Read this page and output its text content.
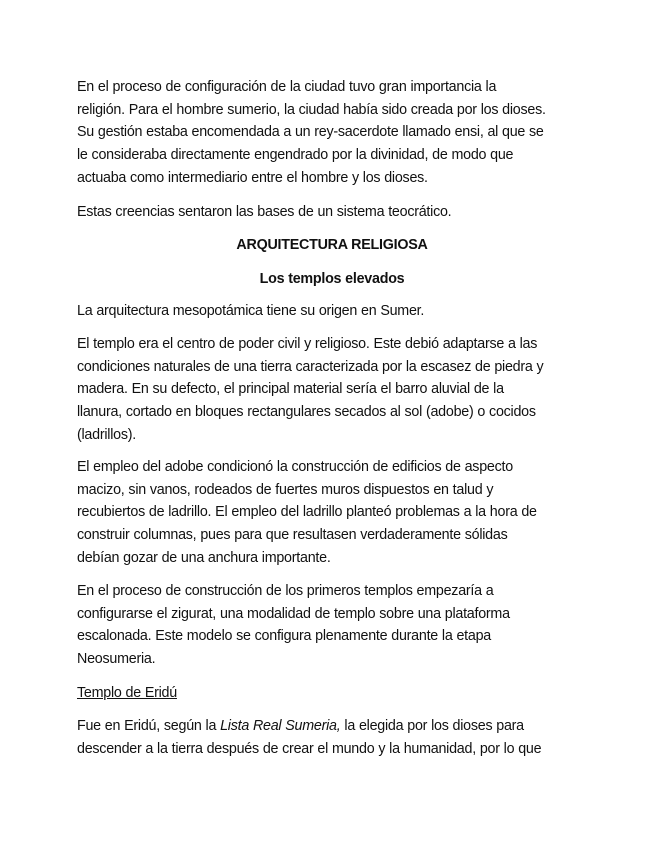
En el proceso de configuración de la ciudad tuvo gran importancia la

religión. Para el hombre sumerio, la ciudad había sido creada por los dioses.

Su gestión estaba encomendada a un rey-sacerdote llamado ensi, al que se

le consideraba directamente engendrado por la divinidad, de modo que

actuaba como intermediario entre el hombre y los dioses.

Estas creencias sentaron las bases de un sistema teocrático.

ARQUITECTURA RELIGIOSA
Los templos elevados

La arquitectura mesopotámica tiene su origen en Sumer.

El templo era el centro de poder civil y religioso. Este debió adaptarse a las

condiciones naturales de una tierra caracterizada por la escasez de piedra y

madera. En su defecto, el principal material sería el barro aluvial de la

llanura, cortado en bloques rectangulares secados al sol (adobe) o cocidos

(ladrillos).

El empleo del adobe condicionó la construcción de edificios de aspecto

macizo, sin vanos, rodeados de fuertes muros dispuestos en talud y

recubiertos de ladrillo. El empleo del ladrillo planteó problemas a la hora de

construir columnas, pues para que resultasen verdaderamente sólidas

debían gozar de una anchura importante.

En el proceso de construcción de los primeros templos empezaría a

configurarse el zigurat, una modalidad de templo sobre una plataforma

escalonada. Este modelo se configura plenamente durante la etapa

Neosumeria.

Templo de Eridú

Fue en Eridú, según la Lista Real Sumeria, la elegida por los dioses para

descender a la tierra después de crear el mundo y la humanidad, por lo que
